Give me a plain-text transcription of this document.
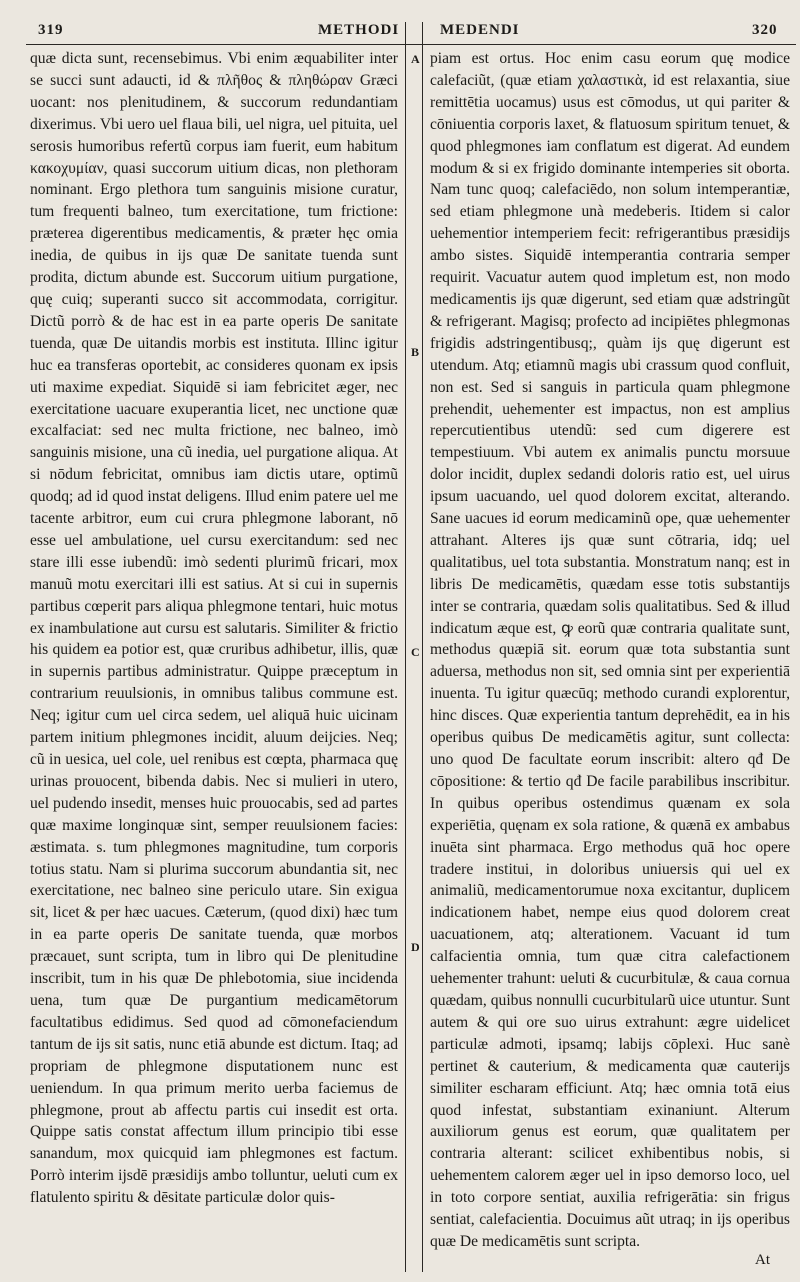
319	METHODI	MEDENDI	320

quæ dicta sunt, recensebimus. Vbi enim æquabiliter inter se succi sunt adaucti, id & πλῆθος & πληθώραν Græci uocant: nos plenitudinem, & succorum redundantiam dixerimus. Vbi uero uel flaua bili, uel nigra, uel pituita, uel serosis humoribus refertũ corpus iam fuerit, eum habitum κακοχυμίαν, quasi succorum uitium dicas, non plethoram nominant. Ergo plethora tum sanguinis misione curatur, tum frequenti balneo, tum exercitatione, tum frictione: præterea digerentibus medicamentis, & præter hęc omia inedia, de quibus in ijs quæ De sanitate tuenda sunt prodita, dictum abunde est. Succorum uitium purgatione, quę cuiq; superanti succo sit accommodata, corrigitur. Dictũ porrò & de hac est in ea parte operis De sanitate tuenda, quæ De uitandis morbis est instituta. Illinc igitur huc ea transferas oportebit, ac consideres quonam ex ipsis uti maxime expediat. Siquidē si iam febricitet æger, nec exercitatione uacuare exuperantia licet, nec unctione quæ excalfaciat: sed nec multa frictione, nec balneo, imò sanguinis misione, una cũ inedia, uel purgatione aliqua. At si nōdum febricitat, omnibus iam dictis utare, optimũ quodq; ad id quod instat deligens. Illud enim patere uel me tacente arbitror, eum cui crura phlegmone laborant, nō esse uel ambulatione, uel cursu exercitandum: sed nec stare illi esse iubendũ: imò sedenti plurimũ fricari, mox manuũ motu exercitari illi est satius. At si cui in supernis partibus cœperit pars aliqua phlegmone tentari, huic motus ex inambulatione aut cursu est salutaris. Similiter & frictio his quidem ea potior est, quæ cruribus adhibetur, illis, quæ in supernis partibus administratur. Quippe præceptum in contrarium reuulsionis, in omnibus talibus commune est. Neq; igitur cum uel circa sedem, uel aliquā huic uicinam partem initium phlegmones incidit, aluum deijcies. Neq; cũ in uesica, uel cole, uel renibus est cœpta, pharmaca quę urinas prouocent, bibenda dabis. Nec si mulieri in utero, uel pudendo insedit, menses huic prouocabis, sed ad partes quæ maxime longinquæ sint, semper reuulsionem facies: æstimata. s. tum phlegmones magnitudine, tum corporis totius statu. Nam si plurima succorum abundantia sit, nec exercitatione, nec balneo sine periculo utare. Sin exigua sit, licet & per hæc uacues. Cæterum, (quod dixi) hæc tum in ea parte operis De sanitate tuenda, quæ morbos præcauet, sunt scripta, tum in libro qui De plenitudine inscribit, tum in his quæ De phlebotomia, siue incidenda uena, tum quæ De purgantium medicamētorum facultatibus edidimus. Sed quod ad cōmonefaciendum tantum de ijs sit satis, nunc etiā abunde est dictum. Itaq; ad propriam de phlegmone disputationem nunc est ueniendum. In qua primum merito uerba faciemus de phlegmone, prout ab affectu partis cui insedit est orta. Quippe satis constat affectum illum principio tibi esse sanandum, mox quicquid iam phlegmones est factum. Porrò interim ijsdē præsidijs ambo tolluntur, ueluti cum ex flatulento spiritu & dēsitate particulæ dolor quis-

piam est ortus. Hoc enim casu eorum quę modice calefaciũt, (quæ etiam χαλαστικὰ, id est relaxantia, siue remittētia uocamus) usus est cōmodus, ut qui pariter & cōniuentia corporis laxet, & flatuosum spiritum tenuet, & quod phlegmones iam conflatum est digerat. Ad eundem modum & si ex frigido dominante intemperies sit oborta. Nam tunc quoq; calefaciēdo, non solum intemperantiæ, sed etiam phlegmone unà medeberis. Itidem si calor uehementior intemperiem fecit: refrigerantibus præsidijs ambo sistes. Siquidē intemperantia contraria semper requirit. Vacuatur autem quod impletum est, non modo medicamentis ijs quæ digerunt, sed etiam quæ adstringũt & refrigerant. Magisq; profecto ad incipiētes phlegmonas frigidis adstringentibusq;, quàm ijs quę digerunt est utendum. Atq; etiamnũ magis ubi crassum quod confluit, non est. Sed si sanguis in particula quam phlegmone prehendit, uehementer est impactus, non est amplius repercutientibus utendũ: sed cum digerere est tempestiuum. Vbi autem ex animalis punctu morsuue dolor incidit, duplex sedandi doloris ratio est, uel uirus ipsum uacuando, uel quod dolorem excitat, alterando. Sane uacues id eorum medicaminũ ope, quæ uehementer attrahant. Alteres ijs quæ sunt cōtraria, idq; uel qualitatibus, uel tota substantia. Monstratum nanq; est in libris De medicamētis, quædam esse totis substantijs inter se contraria, quædam solis qualitatibus. Sed & illud indicatum æque est, ꝙ eorũ quæ contraria qualitate sunt, methodus quæpiā sit. eorum quæ tota substantia sunt aduersa, methodus non sit, sed omnia sint per experientiā inuenta. Tu igitur quæcūq; methodo curandi explorentur, hinc disces. Quæ experientia tantum deprehēdit, ea in his operibus quibus De medicamētis agitur, sunt collecta: uno quod De facultate eorum inscribit: altero qđ De cōpositione: & tertio qđ De facile parabilibus inscribitur. In quibus operibus ostendimus quænam ex sola experiētia, quęnam ex sola ratione, & quænā ex ambabus inuēta sint pharmaca. Ergo methodus quā hoc opere tradere institui, in doloribus uniuersis qui uel ex animaliũ, medicamentorumue noxa excitantur, duplicem indicationem habet, nempe eius quod dolorem creat uacuationem, atq; alterationem. Vacuant id tum calfacientia omnia, tum quæ citra calefactionem uehementer trahunt: ueluti & cucurbitulæ, & caua cornua quædam, quibus nonnulli cucurbitularũ uice utuntur. Sunt autem & qui ore suo uirus extrahunt: ægre uidelicet particulæ admoti, ipsamq; labijs cōplexi. Huc sanè pertinet & cauterium, & medicamenta quæ cauterijs similiter escharam efficiunt. Atq; hæc omnia totā eius quod infestat, substantiam exinaniunt. Alterum auxiliorum genus est eorum, quæ qualitatem per contraria alterant: scilicet exhibentibus nobis, si uehementem calorem æger uel in ipso demorso loco, uel in toto corpore sentiat, auxilia refrigerātia: sin frigus sentiat, calefacientia. Docuimus aũt utraq; in ijs operibus quæ De medicamētis sunt scripta.

A
B
C
D
At
